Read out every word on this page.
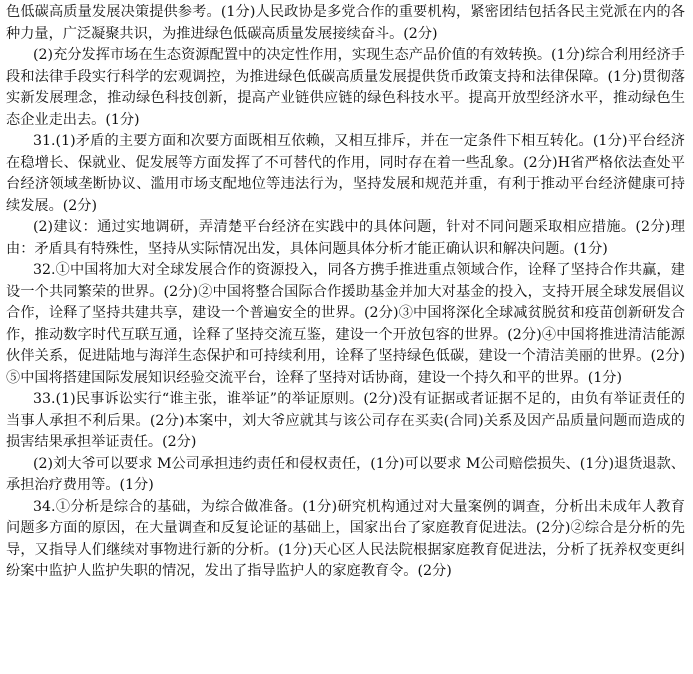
色低碳高质量发展决策提供参考。(1分)人民政协是多党合作的重要机构，紧密团结包括各民主党派在内的各种力量，广泛凝聚共识，为推进绿色低碳高质量发展接续奋斗。(2分)

(2)充分发挥市场在生态资源配置中的决定性作用，实现生态产品价值的有效转换。(1分)综合利用经济手段和法律手段实行科学的宏观调控，为推进绿色低碳高质量发展提供货币政策支持和法律保障。(1分)贯彻落实新发展理念，推动绿色科技创新，提高产业链供应链的绿色科技水平。提高开放型经济水平，推动绿色生态企业走出去。(1分)

31.(1)矛盾的主要方面和次要方面既相互依赖，又相互排斥，并在一定条件下相互转化。(1分)平台经济在稳增长、保就业、促发展等方面发挥了不可替代的作用，同时存在着一些乱象。(2分)H省严格依法查处平台经济领域垄断协议、滥用市场支配地位等违法行为，坚持发展和规范并重，有利于推动平台经济健康可持续发展。(2分)

(2)建议：通过实地调研，弄清楚平台经济在实践中的具体问题，针对不同问题采取相应措施。(2分)理由：矛盾具有特殊性，坚持从实际情况出发，具体问题具体分析才能正确认识和解决问题。(1分)

32.①中国将加大对全球发展合作的资源投入，同各方携手推进重点领域合作，诠释了坚持合作共赢，建设一个共同繁荣的世界。(2分)②中国将整合国际合作援助基金并加大对基金的投入，支持开展全球发展倡议合作，诠释了坚持共建共享，建设一个普遍安全的世界。(2分)③中国将深化全球减贫脱贫和疫苗创新研发合作，推动数字时代互联互通，诠释了坚持交流互鉴，建设一个开放包容的世界。(2分)④中国将推进清洁能源伙伴关系，促进陆地与海洋生态保护和可持续利用，诠释了坚持绿色低碳，建设一个清洁美丽的世界。(2分)⑤中国将搭建国际发展知识经验交流平台，诠释了坚持对话协商，建设一个持久和平的世界。(1分)

33.(1)民事诉讼实行“谁主张，谁举证”的举证原则。(2分)没有证据或者证据不足的，由负有举证责任的当事人承担不利后果。(2分)本案中，刘大爷应就其与该公司存在买卖(合同)关系及因产品质量问题而造成的损害结果承担举证责任。(2分)

(2)刘大爷可以要求 M公司承担违约责任和侵权责任，(1分)可以要求 M公司赔偿损失、(1分)退货退款、承担治疗费用等。(1分)

34.①分析是综合的基础，为综合做准备。(1分)研究机构通过对大量案例的调查，分析出未成年人教育问题多方面的原因，在大量调查和反复论证的基础上，国家出台了家庭教育促进法。(2分)②综合是分析的先导，又指导人们继续对事物进行新的分析。(1分)天心区人民法院根据家庭教育促进法，分析了抚养权变更纠纷案中监护人监护失职的情况，发出了指导监护人的家庭教育令。(2分)
